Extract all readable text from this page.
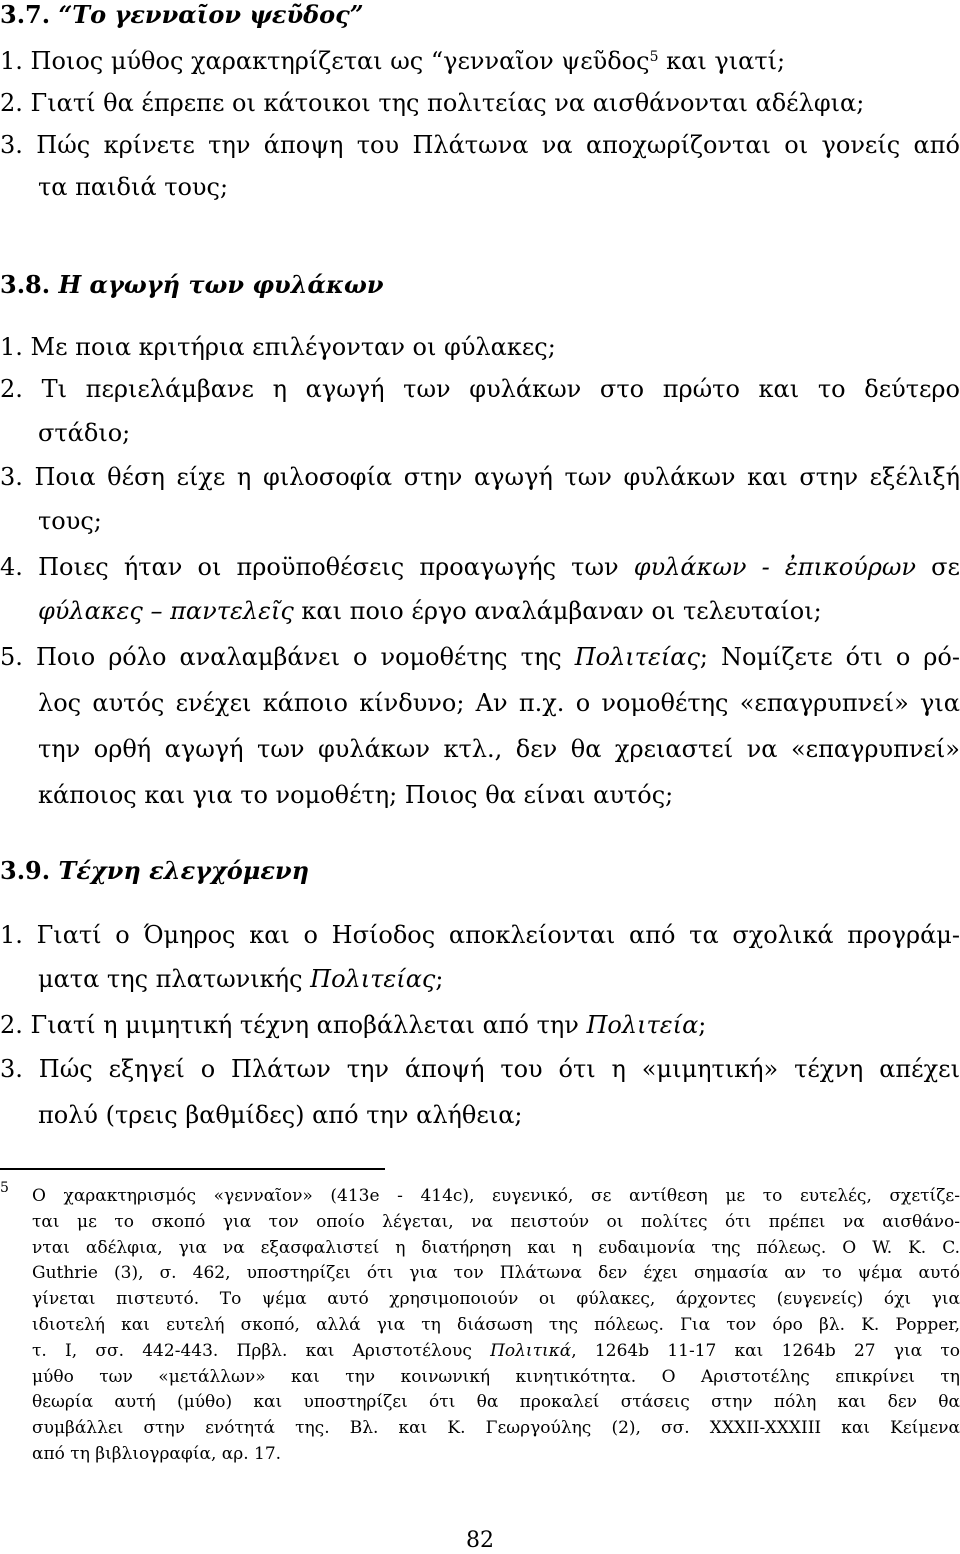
3.7. “Το γενναῖον ψεῦδος”
1. Ποιος μύθος χαρακτηρίζεται ως “γενναῖον ψεῦδος$^5$ και γιατί;
2. Γιατί θα έπρεπε οι κάτοικοι της πολιτείας να αισθάνονται αδέλφια;
3. Πώς κρίνετε την άποψη του Πλάτωνα να αποχωρίζονται οι γονείς από
τα παιδιά τους;
3.8. Η αγωγή των φυλάκων
1. Με ποια κριτήρια επιλέγονταν οι φύλακες;
2. Τι περιελάμβανε η αγωγή των φυλάκων στο πρώτο και το δεύτερο
στάδιο;
3. Ποια θέση είχε η φιλοσοφία στην αγωγή των φυλάκων και στην εξέλιξή
τους;
4. Ποιες ήταν οι προϋποθέσεις προαγωγής των φυλάκων - ἐπικούρων σε
φύλακες – παντελεῖς και ποιο έργο αναλάμβαναν οι τελευταίοι;
5. Ποιο ρόλο αναλαμβάνει ο νομοθέτης της Πολιτείας; Νομίζετε ότι ο ρό-
λος αυτός ενέχει κάποιο κίνδυνο; Αν π.χ. ο νομοθέτης «επαγρυπνεί» για
την ορθή αγωγή των φυλάκων κτλ., δεν θα χρειαστεί να «επαγρυπνεί»
κάποιος και για το νομοθέτη; Ποιος θα είναι αυτός;
3.9. Τέχνη ελεγχόμενη
1. Γιατί ο Όμηρος και ο Ησίοδος αποκλείονται από τα σχολικά προγράμ-
ματα της πλατωνικής Πολιτείας;
2. Γιατί η μιμητική τέχνη αποβάλλεται από την Πολιτεία;
3. Πώς εξηγεί ο Πλάτων την άποψή του ότι η «μιμητική» τέχνη απέχει
πολύ (τρεις βαθμίδες) από την αλήθεια;
5 Ο χαρακτηρισμός «γενναῖον» (413e - 414c), ευγενικό, σε αντίθεση με το ευτελές, σχετίζε-
ται με το σκοπό για τον οποίο λέγεται, να πειστούν οι πολίτες ότι πρέπει να αισθάνο-
νται αδέλφια, για να εξασφαλιστεί η διατήρηση και η ευδαιμονία της πόλεως. Ο W. K. C.
Guthrie (3), σ. 462, υποστηρίζει ότι για τον Πλάτωνα δεν έχει σημασία αν το ψέμα αυτό
γίνεται πιστευτό. Το ψέμα αυτό χρησιμοποιούν οι φύλακες, άρχοντες (ευγενείς) όχι για
ιδιοτελή και ευτελή σκοπό, αλλά για τη διάσωση της πόλεως. Για τον όρο βλ. K. Popper,
τ. I, σσ. 442-443. Πρβλ. και Αριστοτέλους Πολιτικά, 1264b 11-17 και 1264b 27 για το
μύθο των «μετάλλων» και την κοινωνική κινητικότητα. Ο Αριστοτέλης επικρίνει τη
θεωρία αυτή (μύθο) και υποστηρίζει ότι θα προκαλεί στάσεις στην πόλη και δεν θα
συμβάλλει στην ενότητά της. Βλ. και Κ. Γεωργούλης (2), σσ. XXXII-XXXIII και Κείμενα
από τη βιβλιογραφία, αρ. 17.
82
